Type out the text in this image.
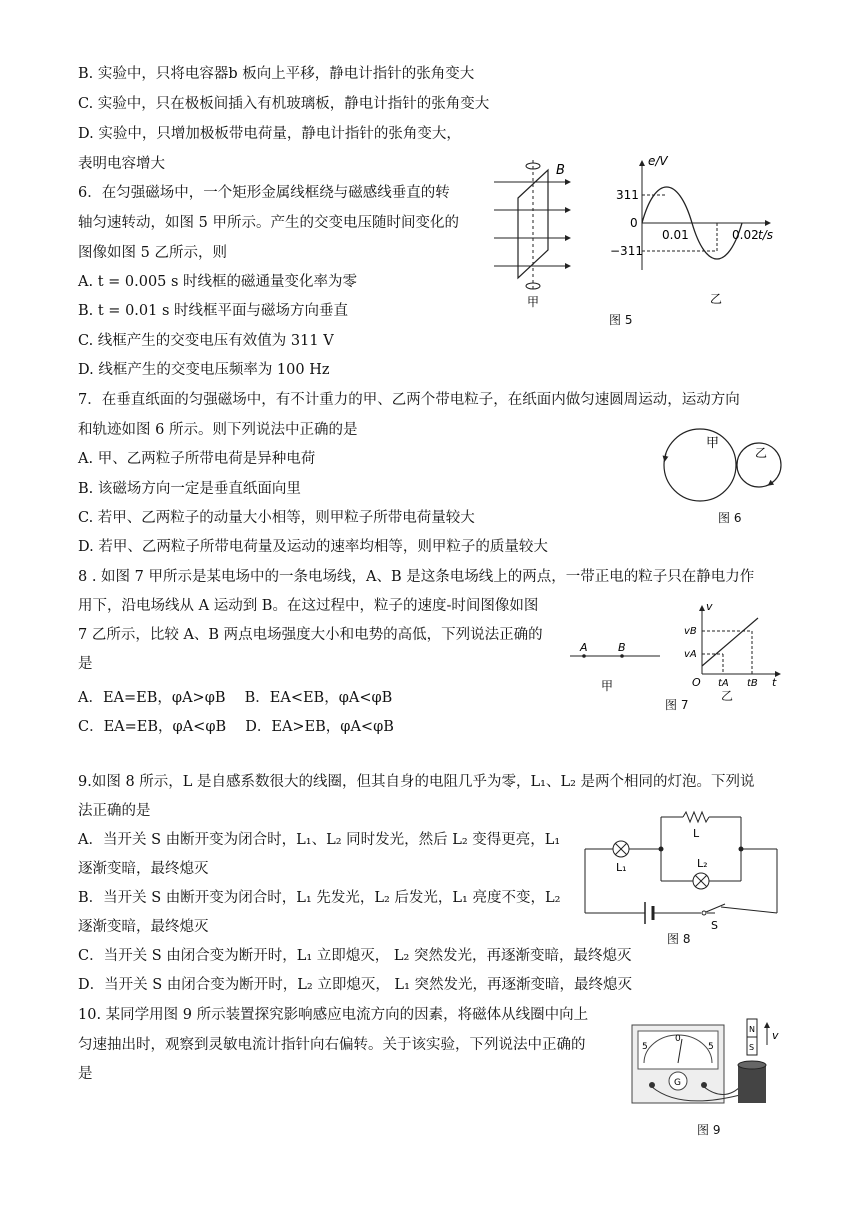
B. 实验中，只将电容器b 板向上平移，静电计指针的张角变大
C. 实验中，只在极板间插入有机玻璃板，静电计指针的张角变大
D. 实验中，只增加极板带电荷量，静电计指针的张角变大，
表明电容增大
6．在匀强磁场中，一个矩形金属线框绕与磁感线垂直的转
轴匀速转动，如图 5 甲所示。产生的交变电压随时间变化的
图像如图 5 乙所示，则
A. t = 0.005 s 时线框的磁通量变化率为零
B. t = 0.01 s 时线框平面与磁场方向垂直
C. 线框产生的交变电压有效值为 311 V
D. 线框产生的交变电压频率为 100 Hz
B
甲
e/V
311
0
−311
0.01	0.02 t/s
乙
图 5
7．在垂直纸面的匀强磁场中，有不计重力的甲、乙两个带电粒子，在纸面内做匀速圆周运动，运动方向
和轨迹如图 6 所示。则下列说法中正确的是
A. 甲、乙两粒子所带电荷是异种电荷
B. 该磁场方向一定是垂直纸面向里
C. 若甲、乙两粒子的动量大小相等，则甲粒子所带电荷量较大
D. 若甲、乙两粒子所带电荷量及运动的速率均相等，则甲粒子的质量较大
甲
乙
图 6
8 . 如图 7 甲所示是某电场中的一条电场线，A、B 是这条电场线上的两点，一带正电的粒子只在静电力作
用下，沿电场线从 A 运动到 B。在这过程中，粒子的速度-时间图像如图
7 乙所示，比较 A、B 两点电场强度大小和电势的高低，下列说法正确的
是
A．EA=EB，φA>φB　 B．EA<EB，φA<φB
C．EA=EB，φA<φB　 D．EA>EB，φA<φB
A	B
甲
v
vB
vA
O tA tB t
乙
图 7
9.如图 8 所示，L 是自感系数很大的线圈，但其自身的电阻几乎为零，L₁、L₂ 是两个相同的灯泡。下列说
法正确的是
A．当开关 S 由断开变为闭合时，L₁、L₂ 同时发光，然后 L₂ 变得更亮，L₁
逐渐变暗，最终熄灭
B．当开关 S 由断开变为闭合时，L₁ 先发光，L₂ 后发光，L₁ 亮度不变，L₂
逐渐变暗，最终熄灭
C．当开关 S 由闭合变为断开时，L₁ 立即熄灭， L₂ 突然发光，再逐渐变暗，最终熄灭
D．当开关 S 由闭合变为断开时，L₂ 立即熄灭， L₁ 突然发光，再逐渐变暗，最终熄灭
L
L₁	L₂
S
图 8
10. 某同学用图 9 所示装置探究影响感应电流方向的因素，将磁体从线圈中向上
匀速抽出时，观察到灵敏电流计指针向右偏转。关于该实验，下列说法中正确的
是
5
0
5
G
N
S
v
图 9
